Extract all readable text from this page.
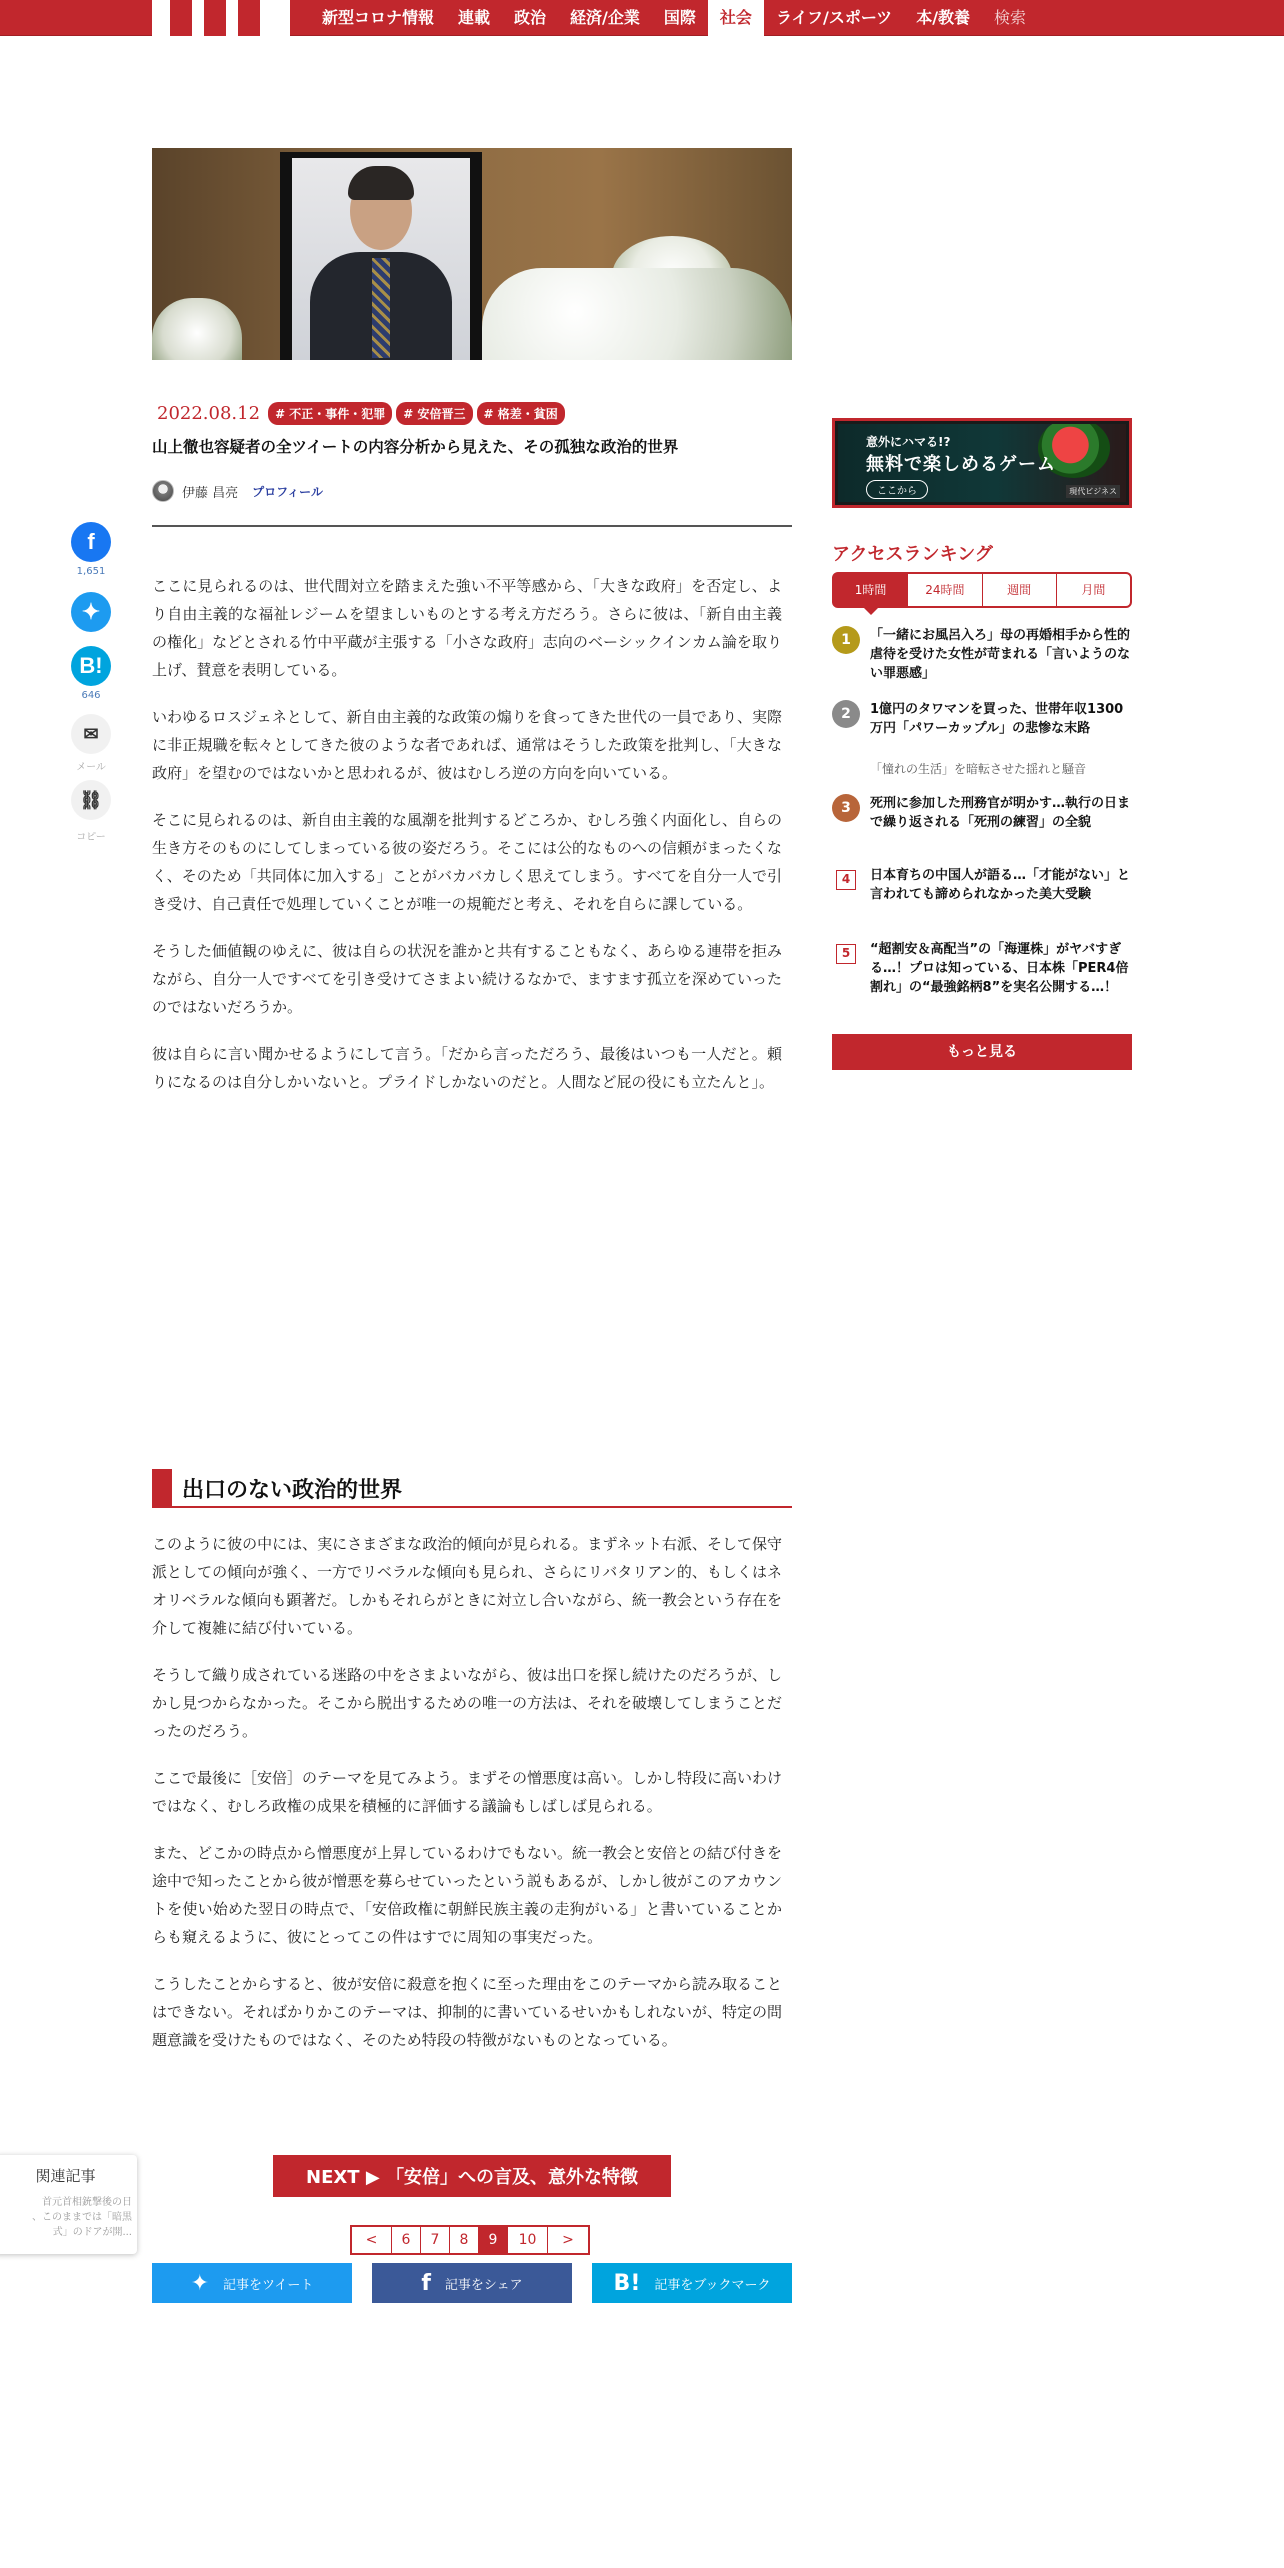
新型コロナ情報	連載	政治	経済/企業	国際	社会	ライフ/スポーツ	本/教養	検索
2022.08.12	# 不正・事件・犯罪	# 安倍晋三	# 格差・貧困
山上徹也容疑者の全ツイートの内容分析から見えた、その孤独な政治的世界
伊藤 昌亮 プロフィール
f
1,651
✦
B!
646
✉
メール
⛓
コピー

ここに見られるのは、世代間対立を踏まえた強い不平等感から、「大きな政府」を否定し、より自由主義的な福祉レジームを望ましいものとする考え方だろう。さらに彼は、「新自由主義の権化」などとされる竹中平蔵が主張する「小さな政府」志向のベーシックインカム論を取り上げ、賛意を表明している。

いわゆるロスジェネとして、新自由主義的な政策の煽りを食ってきた世代の一員であり、実際に非正規職を転々としてきた彼のような者であれば、通常はそうした政策を批判し、「大きな政府」を望むのではないかと思われるが、彼はむしろ逆の方向を向いている。

そこに見られるのは、新自由主義的な風潮を批判するどころか、むしろ強く内面化し、自らの生き方そのものにしてしまっている彼の姿だろう。そこには公的なものへの信頼がまったくなく、そのため「共同体に加入する」ことがバカバカしく思えてしまう。すべてを自分一人で引き受け、自己責任で処理していくことが唯一の規範だと考え、それを自らに課している。

そうした価値観のゆえに、彼は自らの状況を誰かと共有することもなく、あらゆる連帯を拒みながら、自分一人ですべてを引き受けてさまよい続けるなかで、ますます孤立を深めていったのではないだろうか。

彼は自らに言い聞かせるようにして言う。「だから言っただろう、最後はいつも一人だと。頼りになるのは自分しかいないと。プライドしかないのだと。人間など屁の役にも立たんと」。

出口のない政治的世界

このように彼の中には、実にさまざまな政治的傾向が見られる。まずネット右派、そして保守派としての傾向が強く、一方でリベラルな傾向も見られ、さらにリバタリアン的、もしくはネオリベラルな傾向も顕著だ。しかもそれらがときに対立し合いながら、統一教会という存在を介して複雑に結び付いている。

そうして織り成されている迷路の中をさまよいながら、彼は出口を探し続けたのだろうが、しかし見つからなかった。そこから脱出するための唯一の方法は、それを破壊してしまうことだったのだろう。

ここで最後に［安倍］のテーマを見てみよう。まずその憎悪度は高い。しかし特段に高いわけではなく、むしろ政権の成果を積極的に評価する議論もしばしば見られる。

また、どこかの時点から憎悪度が上昇しているわけでもない。統一教会と安倍との結び付きを途中で知ったことから彼が憎悪を募らせていったという説もあるが、しかし彼がこのアカウントを使い始めた翌日の時点で、「安倍政権に朝鮮民族主義の走狗がいる」と書いていることからも窺えるように、彼にとってこの件はすでに周知の事実だった。

こうしたことからすると、彼が安倍に殺意を抱くに至った理由をこのテーマから読み取ることはできない。そればかりかこのテーマは、抑制的に書いているせいかもしれないが、特定の問題意識を受けたものではなく、そのため特段の特徴がないものとなっている。

NEXT ▶ 「安倍」への言及、意外な特徴
<	6	7	8	9	10	>
✦ 記事をツイート	f 記事をシェア	B! 記事をブックマーク
関連記事
首元首相銃撃後の日
、このままでは「暗黒
式」のドアが開...
意外にハマる!?
無料で楽しめるゲーム
ここから	現代ビジネス
アクセスランキング
1時間	24時間	週間	月間
1	「一緒にお風呂入ろ」母の再婚相手から性的虐待を受けた女性が苛まれる「言いようのない罪悪感」
2	1億円のタワマンを買った、世帯年収1300万円「パワーカップル」の悲惨な末路
「憧れの生活」を暗転させた揺れと騒音
3	死刑に参加した刑務官が明かす…執行の日まで繰り返される「死刑の練習」の全貌
4	日本育ちの中国人が語る…「才能がない」と言われても諦められなかった美大受験
5	“超割安＆高配当”の「海運株」がヤバすぎる…！プロは知っている、日本株「PER4倍割れ」の“最強銘柄8”を実名公開する…！
もっと見る
